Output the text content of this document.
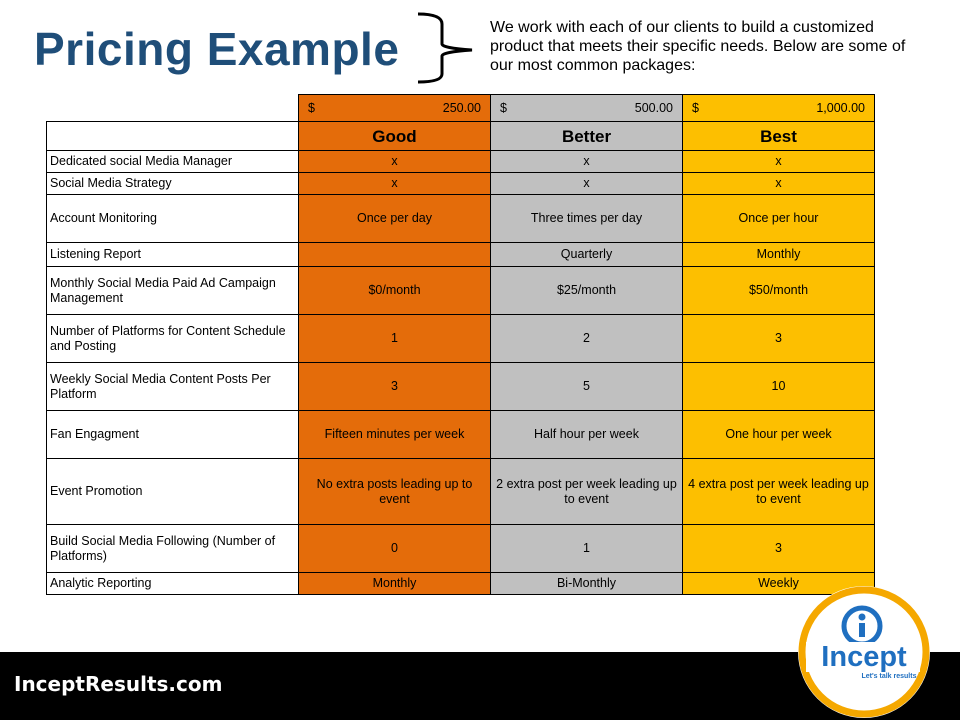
Pricing Example	We work with each of our clients to build a customized product that meets their specific needs. Below are some of our most common packages:

	$ 250.00	$ 500.00	$ 1,000.00

	Good	Better	Best
Dedicated social Media Manager	x	x	x
Social Media Strategy	x	x	x
Account Monitoring	Once per day	Three times per day	Once per hour
Listening Report		Quarterly	Monthly
Monthly Social Media Paid Ad Campaign Management	$0/month	$25/month	$50/month
Number of Platforms for Content Schedule and Posting	1	2	3
Weekly Social Media Content Posts Per Platform	3	5	10
Fan Engagment	Fifteen minutes per week	Half hour per week	One hour per week
Event Promotion	No extra posts leading up to event	2 extra post per week leading up to event	4 extra post per week leading up to event
Build Social Media Following (Number of Platforms)	0	1	3
Analytic Reporting	Monthly	Bi-Monthly	Weekly
InceptResults.com
Incept
Let's talk results
